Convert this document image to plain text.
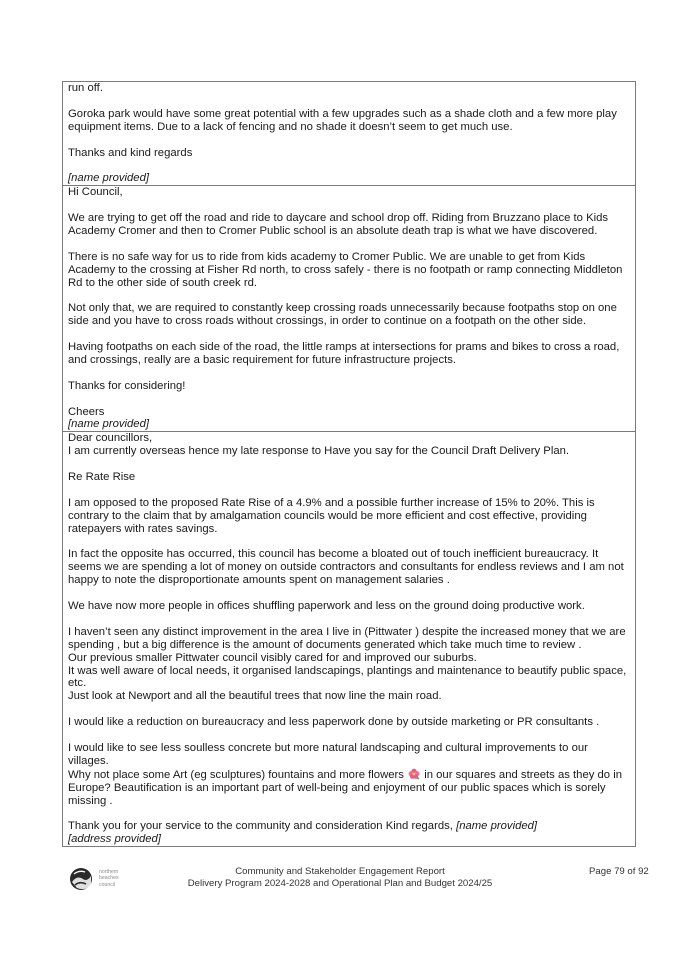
run off.

Goroka park would have some great potential with a few upgrades such as a shade cloth and a few more play equipment items. Due to a lack of fencing and no shade it doesn’t seem to get much use.

Thanks and kind regards

[name provided]

Hi Council,

We are trying to get off the road and ride to daycare and school drop off. Riding from Bruzzano place to Kids Academy Cromer and then to Cromer Public school is an absolute death trap is what we have discovered.

There is no safe way for us to ride from kids academy to Cromer Public. We are unable to get from Kids Academy to the crossing at Fisher Rd north, to cross safely - there is no footpath or ramp connecting Middleton Rd to the other side of south creek rd.

Not only that, we are required to constantly keep crossing roads unnecessarily because footpaths stop on one side and you have to cross roads without crossings, in order to continue on a footpath on the other side.

Having footpaths on each side of the road, the little ramps at intersections for prams and bikes to cross a road, and crossings, really are a basic requirement for future infrastructure projects.

Thanks for considering!

Cheers

[name provided]

Dear councillors,

I am currently overseas hence my late response to Have you say for the Council Draft Delivery Plan.

Re Rate Rise

I am opposed to the proposed Rate Rise of a 4.9% and a possible further increase of 15% to 20%. This is contrary to the claim that by amalgamation councils would be more efficient and cost effective, providing ratepayers with rates savings.

In fact the opposite has occurred, this council has become a bloated out of touch inefficient bureaucracy. It seems we are spending a lot of money on outside contractors and consultants for endless reviews and I am not happy to note the disproportionate amounts spent on management salaries .

We have now more people in offices shuffling paperwork and less on the ground doing productive work.

I haven’t seen any distinct improvement in the area I live in (Pittwater ) despite the increased money that we are spending , but a big difference is the amount of documents generated which take much time to review .

Our previous smaller Pittwater council visibly cared for and improved our suburbs.

It was well aware of local needs, it organised landscapings, plantings and maintenance to beautify public space, etc.

Just look at Newport and all the beautiful trees that now line the main road.

I would like a reduction on bureaucracy and less paperwork done by outside marketing or PR consultants .

I would like to see less soulless concrete but more natural landscaping and cultural improvements to our villages.

Why not place some Art (eg sculptures) fountains and more flowers  in our squares and streets as they do in Europe? Beautification is an important part of well-being and enjoyment of our public spaces which is sorely missing .

Thank you for your service to the community and consideration Kind regards, [name provided]

[address provided]

northern
beaches
council
Community and Stakeholder Engagement Report
Delivery Program 2024-2028 and Operational Plan and Budget 2024/25
Page 79 of 92
